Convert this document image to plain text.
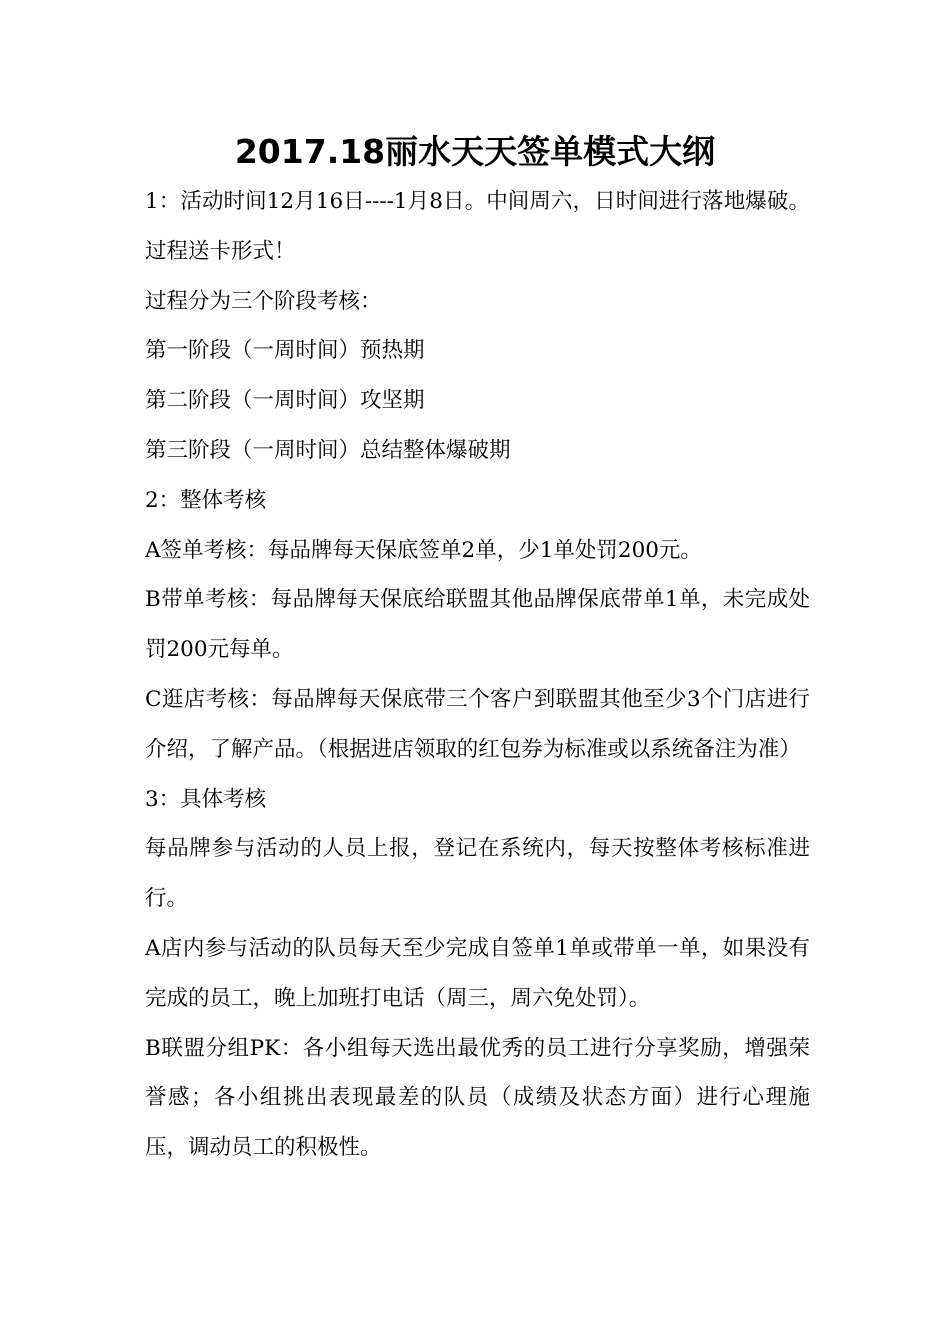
2017.18丽水天天签单模式大纲

1：活动时间12月16日----1月8日。中间周六，日时间进行落地爆破。过程送卡形式！

过程分为三个阶段考核：

第一阶段（一周时间）预热期

第二阶段（一周时间）攻坚期

第三阶段（一周时间）总结整体爆破期

2：整体考核

A签单考核：每品牌每天保底签单2单，少1单处罚200元。

B带单考核：每品牌每天保底给联盟其他品牌保底带单1单，未完成处罚200元每单。

C逛店考核：每品牌每天保底带三个客户到联盟其他至少3个门店进行介绍，了解产品。（根据进店领取的红包券为标准或以系统备注为准）

3：具体考核

每品牌参与活动的人员上报，登记在系统内，每天按整体考核标准进行。

A店内参与活动的队员每天至少完成自签单1单或带单一单，如果没有完成的员工，晚上加班打电话（周三，周六免处罚）。

B联盟分组PK：各小组每天选出最优秀的员工进行分享奖励，增强荣誉感；各小组挑出表现最差的队员（成绩及状态方面）进行心理施压，调动员工的积极性。
